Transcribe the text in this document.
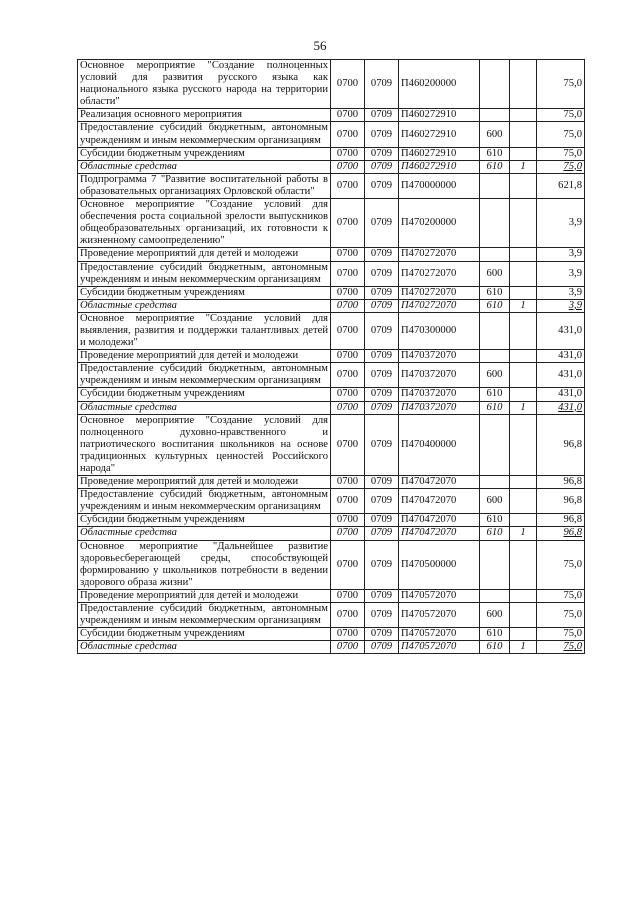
56
Основное мероприятие "Создание полноценных условий для развития русского языка как национального языка русского народа на территории области"	0700	0709	П460200000			75,0
Реализация основного мероприятия	0700	0709	П460272910			75,0
Предоставление субсидий бюджетным, автономным учреждениям и иным некоммерческим организациям	0700	0709	П460272910	600		75,0
Субсидии бюджетным учреждениям	0700	0709	П460272910	610		75,0
Областные средства	0700	0709	П460272910	610	1	75,0
Подпрограмма 7 "Развитие воспитательной работы в образовательных организациях Орловской области"	0700	0709	П470000000			621,8
Основное мероприятие "Создание условий для обеспечения роста социальной зрелости выпускников общеобразовательных организаций, их готовности к жизненному самоопределению"	0700	0709	П470200000			3,9
Проведение мероприятий для детей и молодежи	0700	0709	П470272070			3,9
Предоставление субсидий бюджетным, автономным учреждениям и иным некоммерческим организациям	0700	0709	П470272070	600		3,9
Субсидии бюджетным учреждениям	0700	0709	П470272070	610		3,9
Областные средства	0700	0709	П470272070	610	1	3,9
Основное мероприятие "Создание условий для выявления, развития и поддержки талантливых детей и молодежи"	0700	0709	П470300000			431,0
Проведение мероприятий для детей и молодежи	0700	0709	П470372070			431,0
Предоставление субсидий бюджетным, автономным учреждениям и иным некоммерческим организациям	0700	0709	П470372070	600		431,0
Субсидии бюджетным учреждениям	0700	0709	П470372070	610		431,0
Областные средства	0700	0709	П470372070	610	1	431,0
Основное мероприятие "Создание условий для полноценного духовно-нравственного и патриотического воспитания школьников на основе традиционных культурных ценностей Российского народа"	0700	0709	П470400000			96,8
Проведение мероприятий для детей и молодежи	0700	0709	П470472070			96,8
Предоставление субсидий бюджетным, автономным учреждениям и иным некоммерческим организациям	0700	0709	П470472070	600		96,8
Субсидии бюджетным учреждениям	0700	0709	П470472070	610		96,8
Областные средства	0700	0709	П470472070	610	1	96,8
Основное мероприятие "Дальнейшее развитие здоровьесберегающей среды, способствующей формированию у школьников потребности в ведении здорового образа жизни"	0700	0709	П470500000			75,0
Проведение мероприятий для детей и молодежи	0700	0709	П470572070			75,0
Предоставление субсидий бюджетным, автономным учреждениям и иным некоммерческим организациям	0700	0709	П470572070	600		75,0
Субсидии бюджетным учреждениям	0700	0709	П470572070	610		75,0
Областные средства	0700	0709	П470572070	610	1	75,0
